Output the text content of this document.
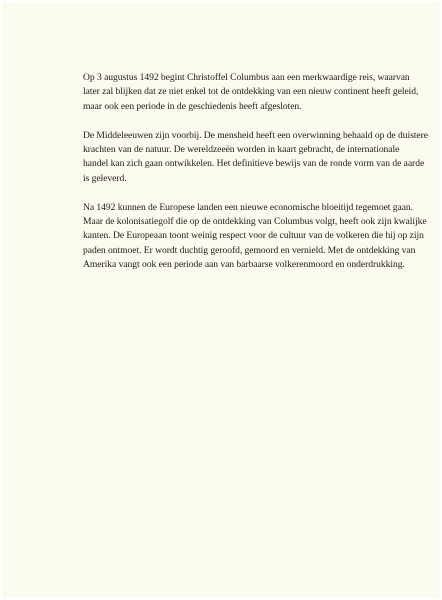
Op 3 augustus 1492 begint Christoffel Columbus aan een merkwaardige reis, waarvan
later zal blijken dat ze niet enkel tot de ontdekking van een nieuw continent heeft geleid,
maar ook een periode in de geschiedenis heeft afgesloten.

De Middeleeuwen zijn voorbij. De mensheid heeft een overwinning behaald op de duistere
krachten van de natuur. De wereldzeeën worden in kaart gebracht, de internationale
handel kan zich gaan ontwikkelen. Het definitieve bewijs van de ronde vorm van de aarde
is geleverd.

Na 1492 kunnen de Europese landen een nieuwe economische bloeitijd tegemoet gaan.
Maar de kolonisatiegolf die op de ontdekking van Columbus volgt, heeft ook zijn kwalijke
kanten. De Europeaan toont weinig respect voor de cultuur van de volkeren die hij op zijn
paden ontmoet. Er wordt duchtig geroofd, gemoord en vernield. Met de ontdekking van
Amerika vangt ook een periode aan van barbaarse volkerenmoord en onderdrukking.
